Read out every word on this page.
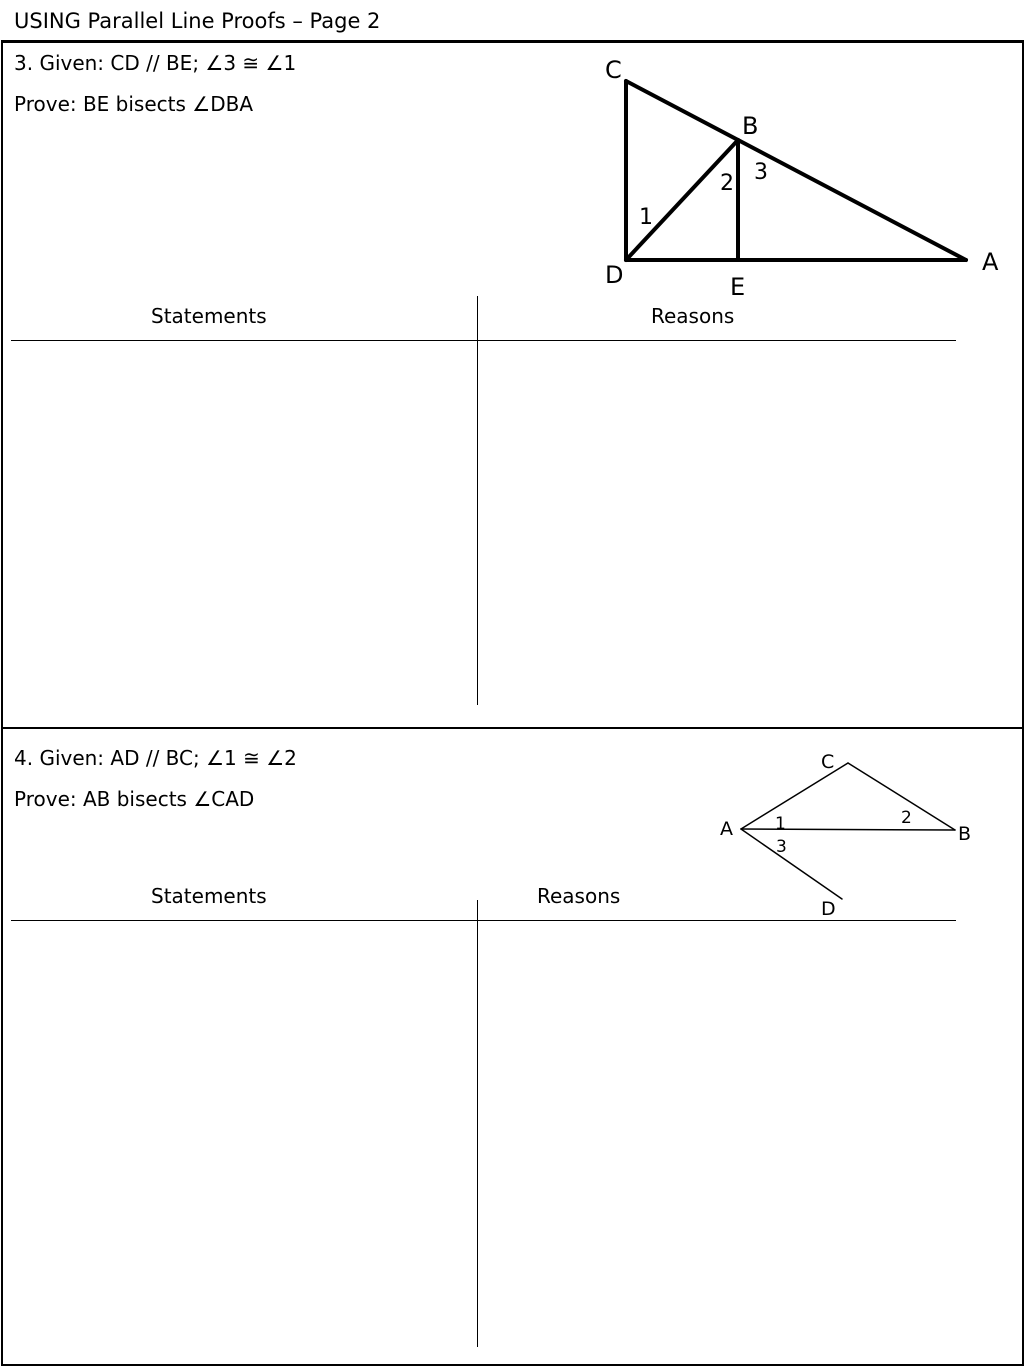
USING Parallel Line Proofs – Page 2
3. Given: CD // BE; ∠3 ≅ ∠1
Prove: BE bisects ∠DBA
Statements	Reasons
C
B
A
D	E
1
2 3
4. Given: AD // BC; ∠1 ≅ ∠2
Prove: AB bisects ∠CAD
Statements	Reasons
C
A	B
D
1	2
3
